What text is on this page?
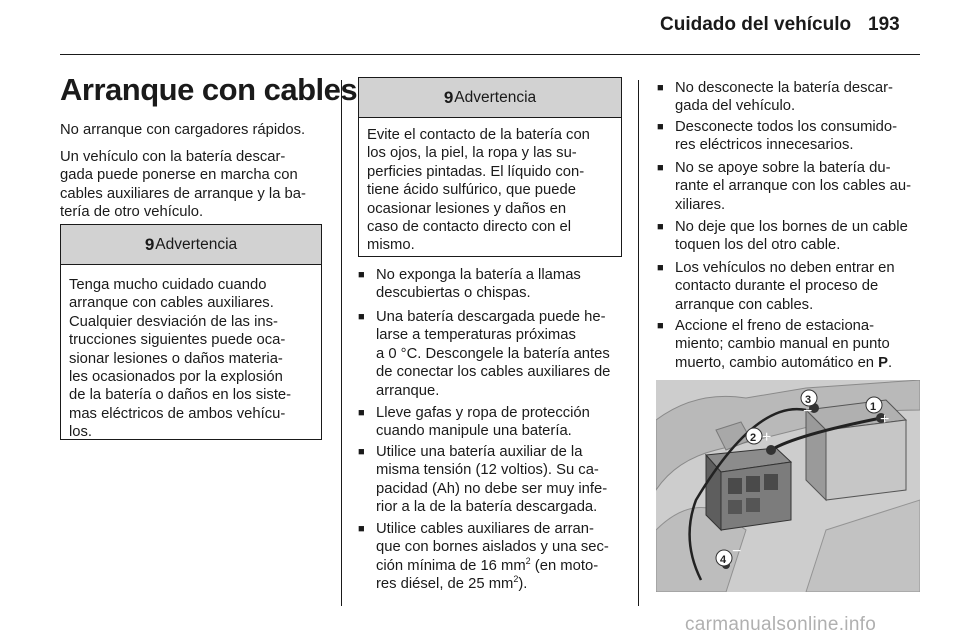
Cuidado del vehículo 193
Arranque con cables
No arranque con cargadores rápidos.
Un vehículo con la batería descar-
gada puede ponerse en marcha con
cables auxiliares de arranque y la ba-
tería de otro vehículo.
9 Advertencia
Tenga mucho cuidado cuando
arranque con cables auxiliares.
Cualquier desviación de las ins-
trucciones siguientes puede oca-
sionar lesiones o daños materia-
les ocasionados por la explosión
de la batería o daños en los siste-
mas eléctricos de ambos vehícu-
los.
9 Advertencia
Evite el contacto de la batería con
los ojos, la piel, la ropa y las su-
perficies pintadas. El líquido con-
tiene ácido sulfúrico, que puede
ocasionar lesiones y daños en
caso de contacto directo con el
mismo.
■ No exponga la batería a llamas
descubiertas o chispas.
■ Una batería descargada puede he-
larse a temperaturas próximas
a 0 °C. Descongele la batería antes
de conectar los cables auxiliares de
arranque.
■ Lleve gafas y ropa de protección
cuando manipule una batería.
■ Utilice una batería auxiliar de la
misma tensión (12 voltios). Su ca-
pacidad (Ah) no debe ser muy infe-
rior a la de la batería descargada.
■ Utilice cables auxiliares de arran-
que con bornes aislados y una sec-
ción mínima de 16 $mm^2$ (en moto-
res diésel, de 25 $mm^2$).
■ No desconecte la batería descar-
gada del vehículo.
■ Desconecte todos los consumido-
res eléctricos innecesarios.
■ No se apoye sobre la batería du-
rante el arranque con los cables au-
xiliares.
■ No deje que los bornes de un cable
toquen los del otro cable.
■ Los vehículos no deben entrar en
contacto durante el proceso de
arranque con cables.
■ Accione el freno de estaciona-
miento; cambio manual en punto
muerto, cambio automático en P.
1
+
2 +
3
−
4 −
carmanualsonline.info
